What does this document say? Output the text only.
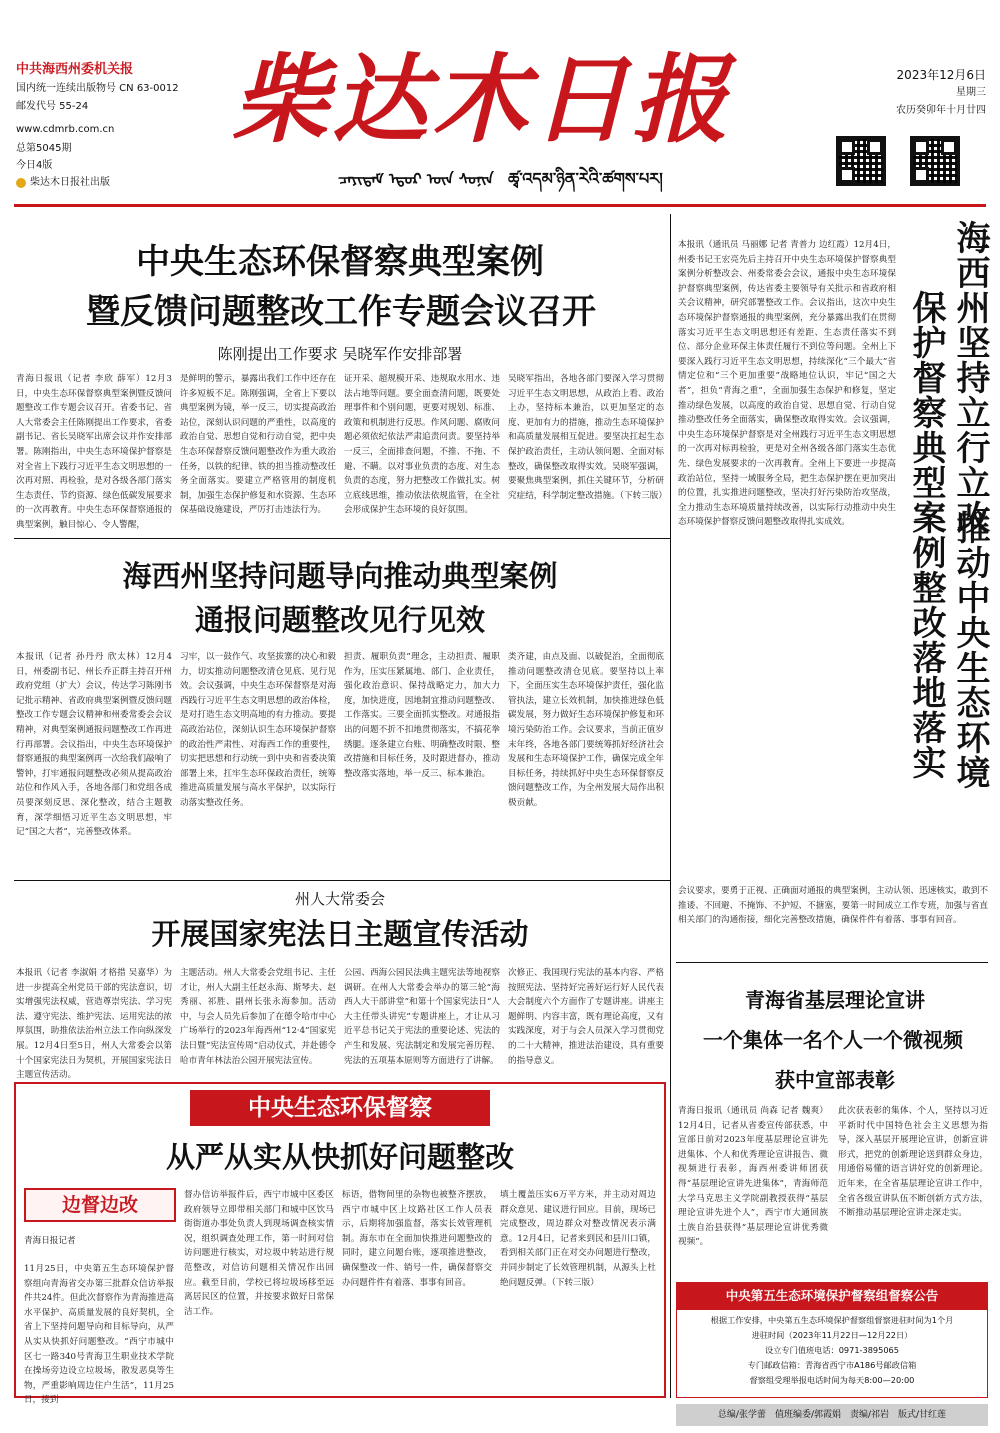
中共海西州委机关报
国内统一连续出版物号 CN 63-0012
邮发代号 55-24
www.cdmrb.com.cn
总第5045期
今日4版
柴达木日报社出版
柴达木日报
ᠴᠠᠶᠢᠳᠠᠮ ᠡᠳᠦᠷ ᠦᠨ ᠰᠣᠨᠢᠨ ཚྭ་འདམ་ཉིན་རེའི་ཚགས་པར།
2023年12月6日
星期三
农历癸卯年十月廿四
中央生态环保督察典型案例
暨反馈问题整改工作专题会议召开
陈刚提出工作要求 吴晓军作安排部署
青海日报讯（记者 李欣 薛军）12月3日，中央生态环保督察典型案例暨反馈问题整改工作专题会议召开。省委书记、省人大常委会主任陈刚提出工作要求，省委副书记、省长吴晓军出席会议并作安排部署。陈刚指出，中央生态环境保护督察是对全省上下践行习近平生态文明思想的一次再对照、再检验，是对各级各部门落实生态责任、节约资源、绿色低碳发展要求的一次再教育。中央生态环保督察通报的典型案例，触目惊心、令人警醒，
是鲜明的警示，暴露出我们工作中还存在许多短板不足。陈刚强调，全省上下要以典型案例为镜，举一反三，切实提高政治站位，深刻认识问题的严重性，以高度的政治自觉、思想自觉和行动自觉，把中央生态环保督察反馈问题整改作为重大政治任务，以铁的纪律、铁的担当推动整改任务全面落实。要建立严格管用的制度机制，加强生态保护修复和水资源、生态环保基础设施建设，严厉打击违法行为。
证开采、超规模开采、违规取水用水、违法占地等问题。要全面查清问题，既要处理事件和个别问题，更要对规划、标准、政策和机制进行反思。作风问题、腐败问题必须依纪依法严肃追责问责。要坚持举一反三，全面排查问题，不推、不拖、不避、不瞒。以对事业负责的态度、对生态负责的态度，努力把整改工作做扎实。树立底线思维，推动依法依规监管，在全社会形成保护生态环境的良好氛围。
吴晓军指出，各地各部门要深入学习贯彻习近平生态文明思想，从政治上看、政治上办，坚持标本兼治，以更加坚定的态度、更加有力的措施，推动生态环境保护和高质量发展相互促进。要坚决扛起生态保护政治责任，主动认领问题、全面对标整改，确保整改取得实效。吴晓军强调，要聚焦典型案例，抓住关键环节，分析研究症结，科学制定整改措施。（下转三版）
海西州坚持问题导向推动典型案例
通报问题整改见行见效
本报讯（记者 孙丹丹 欣太林）12月4日，州委副书记、州长乔正群主持召开州政府党组（扩大）会议，传达学习陈刚书记批示精神、省政府典型案例暨反馈问题整改工作专题会议精神和州委常委会会议精神，对典型案例通报问题整改工作再进行再部署。会议指出，中央生态环境保护督察通报的典型案例再一次给我们敲响了警钟，打牢通报问题整改必须从提高政治站位和作风入手，各地各部门和党组各成员要深刻反思、深化整改，结合主题教育，深学细悟习近平生态文明思想，牢记“国之大者”，完善整改体系。
习牢，以一鼓作气、攻坚拔寨的决心和毅力，切实推动问题整改清仓见底、见行见效。会议强调，中央生态环保督察是对海西践行习近平生态文明思想的政治体检，是对打造生态文明高地的有力推动。要提高政治站位，深刻认识生态环境保护督察的政治性严肃性、对海西工作的重要性，切实把思想和行动统一到中央和省委决策部署上来，扛牢生态环保政治责任，统筹推进高质量发展与高水平保护，以实际行动落实整改任务。
担责、履职负责”理念，主动担责、履职作为，压实压紧属地、部门、企业责任，强化政治意识、保持战略定力，加大力度，加快进度，因地制宜推动问题整改、工作落实。三要全面抓实整改。对通报指出的问题不折不扣地贯彻落实，不搞花拳绣腿。逐条建立台账、明确整改时限、整改措施和目标任务，及时跟进督办，推动整改落实落地，举一反三、标本兼治。
类齐建，由点及面、以破促治，全面彻底推动问题整改清仓见底。要坚持以上率下，全面压实生态环境保护责任，强化监管执法，建立长效机制，加快推进绿色低碳发展，努力做好生态环境保护修复和环境污染防治工作。会议要求，当前正值岁末年终，各地各部门要统筹抓好经济社会发展和生态环境保护工作，确保完成全年目标任务，持续抓好中央生态环保督察反馈问题整改工作，为全州发展大局作出积极贡献。
州人大常委会
开展国家宪法日主题宣传活动
本报讯（记者 李淑娟 才格措 吴嘉华）为进一步提高全州党员干部的宪法意识，切实增强宪法权威，营造尊崇宪法、学习宪法、遵守宪法、维护宪法、运用宪法的浓厚氛围，助推依法治州立法工作向纵深发展。12月4日至5日，州人大常委会以第十个国家宪法日为契机，开展国家宪法日主题宣传活动。
主题活动。州人大常委会党组书记、主任才让，州人大副主任赵永海、斯琴夫、赵秀丽、祁胜、副州长张永海参加。活动中，与会人员先后参加了在德令哈市中心广场举行的2023年海西州“12·4”国家宪法日暨“宪法宣传周”启动仪式，并赴德令哈市青年林法治公园开展宪法宣传。
公园、西海公园民法典主题宪法等地视察调研。在州人大常委会举办的第三轮“海西人大干部讲堂”和第十个国家宪法日“人大主任带头讲宪”专题讲座上，才让从习近平总书记关于宪法的重要论述、宪法的产生和发展、宪法制定和发展完善历程、宪法的五项基本原则等方面进行了讲解。
次修正、我国现行宪法的基本内容、严格按照宪法、坚持好完善好运行好人民代表大会制度六个方面作了专题讲座。讲座主题鲜明、内容丰富，既有理论高度，又有实践深度，对于与会人员深入学习贯彻党的二十大精神，推进法治建设，具有重要的指导意义。
中央生态环保督察
从严从实从快抓好问题整改
边督边改
青海日报记者
11月25日，中央第五生态环境保护督察组向青海省交办第三批群众信访举报件共24件。但此次督察作为青海推进高水平保护、高质量发展的良好契机，全省上下坚持问题导向和目标导向，从严从实从快抓好问题整改。“西宁市城中区七一路340号青海卫生职业技术学院在操场旁边设立垃圾场，散发恶臭等生物，严重影响周边住户生活”，11月25日，接到
督办信访举报件后，西宁市城中区委区政府领导立即带相关部门和城中区饮马街街道办事处负责人到现场调查核实情况，组织调查处理工作，第一时间对信访问题进行核实，对垃圾中转站进行规范整改，对信访问题相关情况作出回应。截至目前，学校已将垃圾场移至远离居民区的位置，并按要求做好日常保洁工作。
标语，借物间里的杂物也被整齐摆放，西宁市城中区上坟路社区工作人员表示，后期将加强监督，落实长效管理机制。海东市在全面加快推进问题整改的同时，建立问题台账，逐项推进整改，确保整改一件、销号一件，确保督察交办问题件件有着落、事事有回音。
填土覆盖压实6万平方米，并主动对周边群众意见、建议进行回应。目前，现场已完成整改，周边群众对整改情况表示满意。12月4日，记者来到民和县川口镇，看到相关部门正在对交办问题进行整改，并同步制定了长效管理机制，从源头上杜绝问题反弹。（下转三版）
本报讯（通讯员 马丽娜 记者 青普力 边红霞）12月4日，州委书记王宏亮先后主持召开中央生态环境保护督察典型案例分析整改会、州委常委会会议，通报中央生态环境保护督察典型案例，传达省委主要领导有关批示和省政府相关会议精神，研究部署整改工作。会议指出，这次中央生态环境保护督察通报的典型案例，充分暴露出我们在贯彻落实习近平生态文明思想还有差距、生态责任落实不到位、部分企业环保主体责任履行不到位等问题。全州上下要深入践行习近平生态文明思想，持续深化“三个最大”省情定位和“三个更加重要”战略地位认识，牢记“国之大者”，担负“青海之重”，全面加强生态保护和修复，坚定推动绿色发展，以高度的政治自觉、思想自觉、行动自觉推动整改任务全面落实，确保整改取得实效。会议强调，中央生态环境保护督察是对全州践行习近平生态文明思想的一次再对标再检验，更是对全州各级各部门落实生态优先、绿色发展要求的一次再教育。全州上下要进一步提高政治站位，坚持一域服务全局，把生态保护摆在更加突出的位置，扎实推进问题整改，坚决打好污染防治攻坚战，全力推动生态环境质量持续改善，以实际行动推动中央生态环境保护督察反馈问题整改取得扎实成效。	海西州坚持立行立改
推动中央生态环境
保护督察典型案例整改落地落实
会议要求，要勇于正视、正确面对通报的典型案例，主动认领、迅速核实，敢到不推诿、不回避、不掩饰、不护短、不搪塞，要第一时间成立工作专班，加强与省直相关部门的沟通衔接，细化完善整改措施，确保件件有着落、事事有回音。
青海省基层理论宣讲
一个集体一名个人一个微视频
获中宣部表彰
青海日报讯（通讯员 尚森 记者 魏爽）12月4日，记者从省委宣传部获悉，中宣部日前对2023年度基层理论宣讲先进集体、个人和优秀理论宣讲报告、微视频进行表彰，海西州委讲师团获得“基层理论宣讲先进集体”，青海师范大学马克思主义学院副教授获得“基层理论宣讲先进个人”，西宁市大通回族土族自治县获得“基层理论宣讲优秀微视频”。
此次获表彰的集体、个人，坚持以习近平新时代中国特色社会主义思想为指导，深入基层开展理论宣讲，创新宣讲形式，把党的创新理论送到群众身边，用通俗易懂的语言讲好党的创新理论。近年来，在全省基层理论宣讲工作中，全省各级宣讲队伍不断创新方式方法，不断推动基层理论宣讲走深走实。
中央第五生态环境保护督察组督察公告
根据工作安排，中央第五生态环境保护督察组督察进驻时间为1个月
进驻时间（2023年11月22日—12月22日）
设立专门值班电话：0971-3895065
专门邮政信箱：青海省西宁市A186号邮政信箱
督察组受理举报电话时间为每天8:00—20:00
总编/张学蕾　值班编委/郭霞娟　责编/祁岩　版式/甘红莲
